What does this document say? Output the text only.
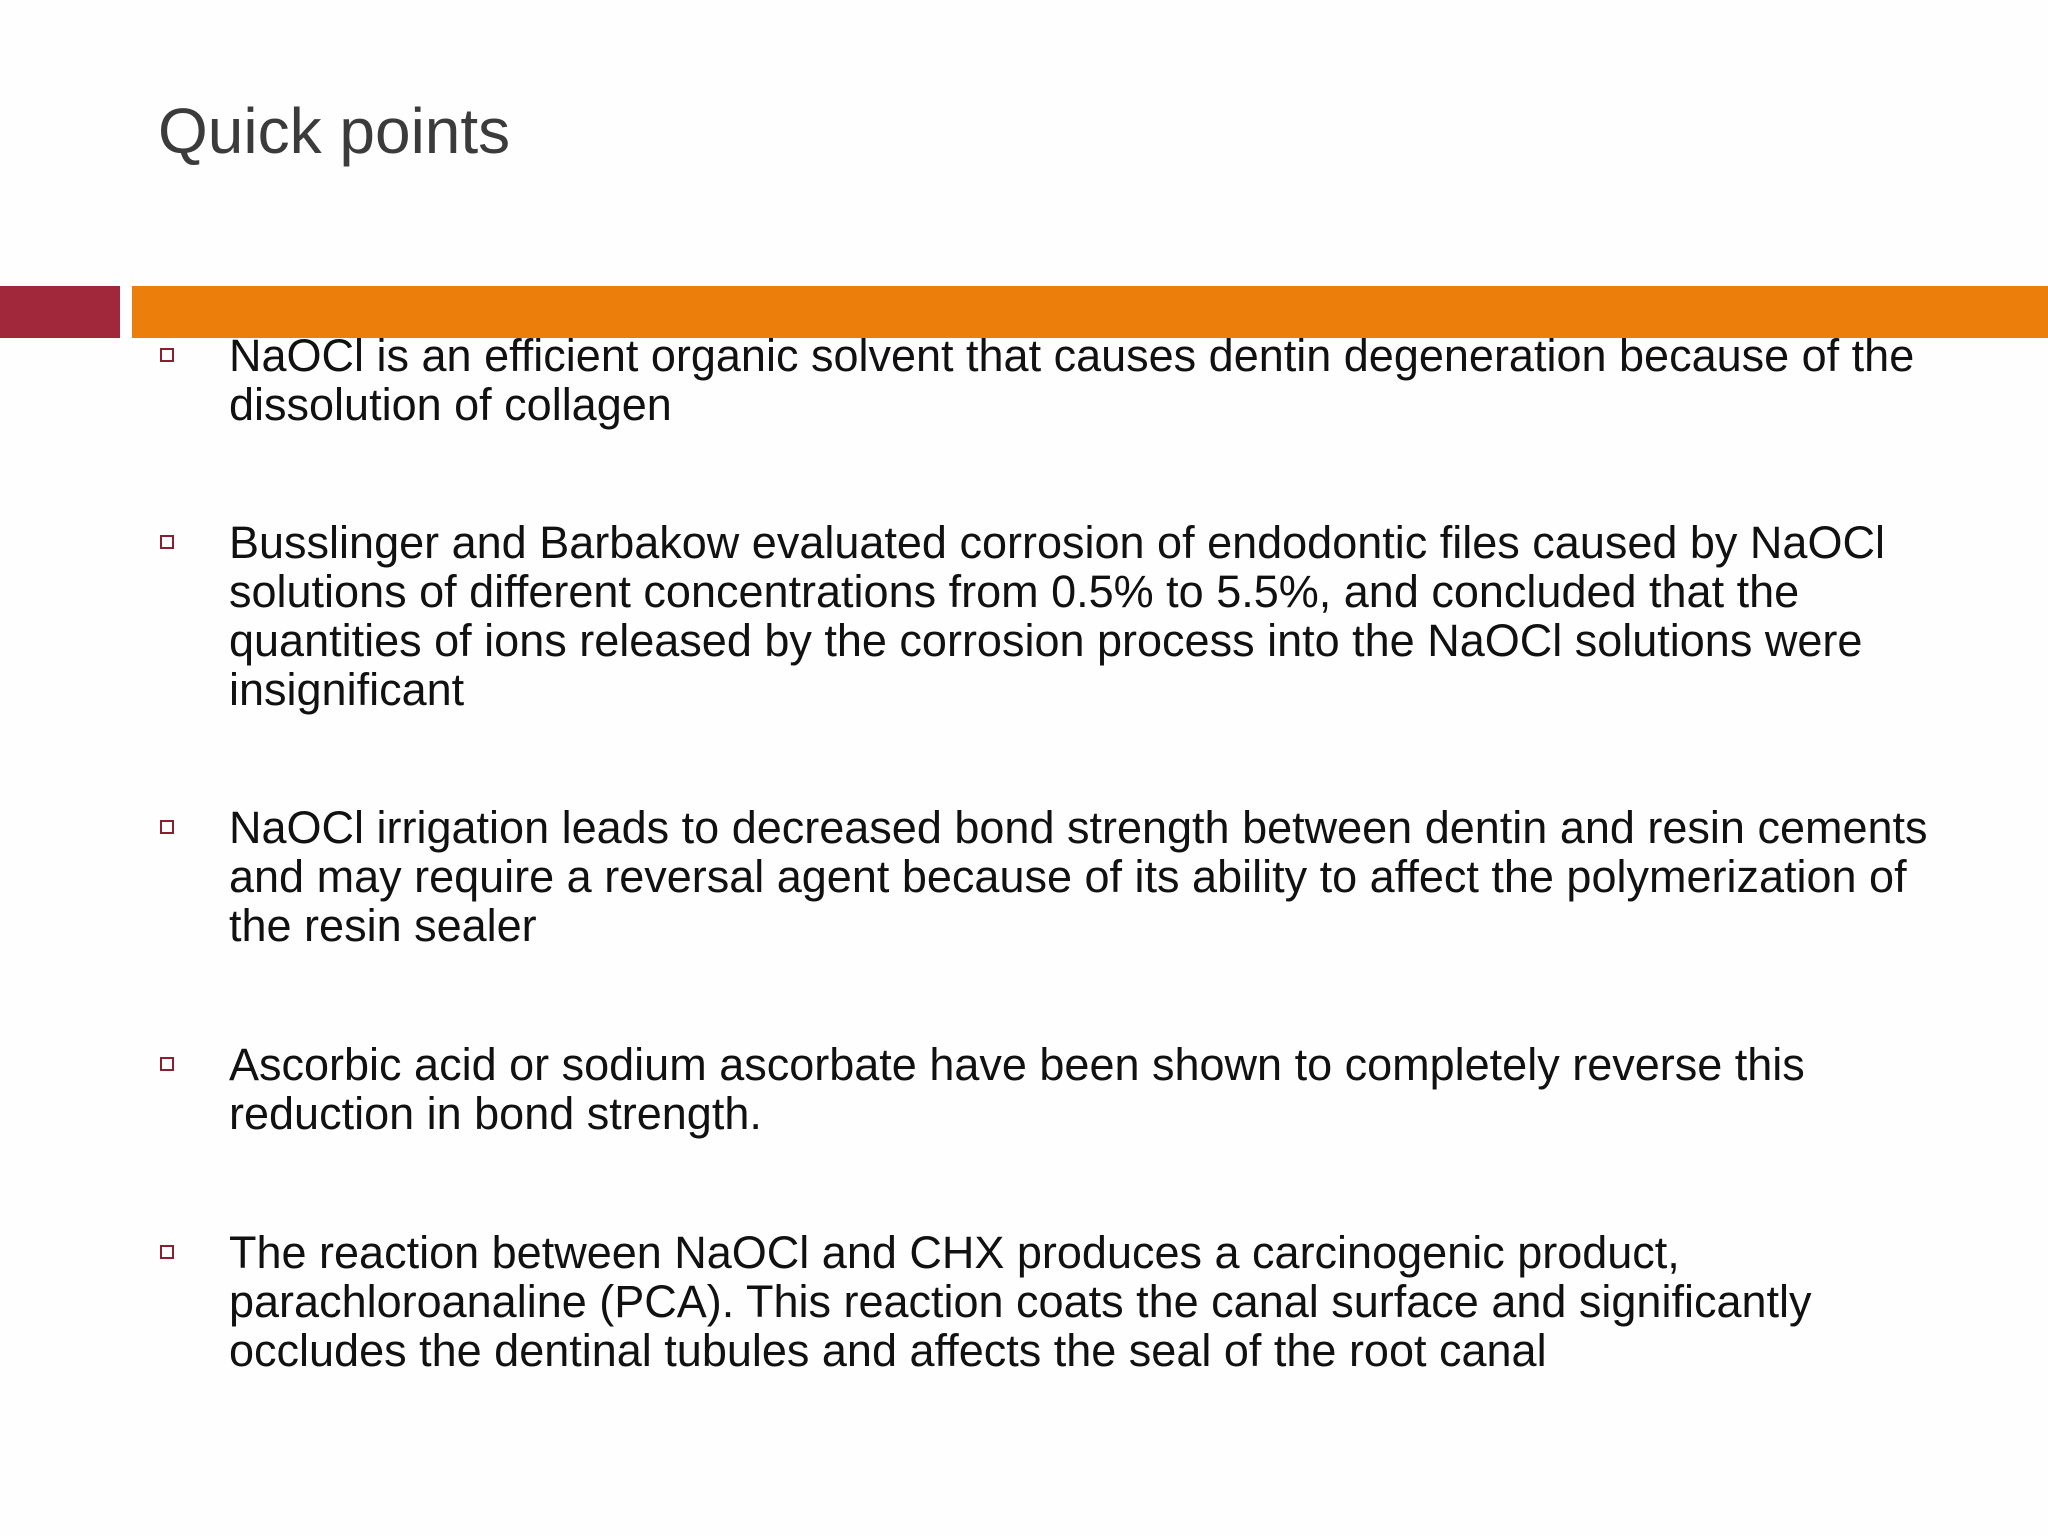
Quick points
NaOCl is an efficient organic solvent that causes dentin degeneration because of the dissolution of collagen
Busslinger and Barbakow evaluated corrosion of endodontic files caused by NaOCl solutions of different concentrations from 0.5% to 5.5%, and concluded that the quantities of ions released by the corrosion process into the NaOCl solutions were insignificant
NaOCl irrigation leads to decreased bond strength between dentin and resin cements and may require a reversal agent because of its ability to affect the polymerization of the resin sealer
Ascorbic acid or sodium ascorbate have been shown to completely reverse this reduction in bond strength.
The reaction between NaOCl and CHX produces a carcinogenic product, parachloroanaline (PCA). This reaction coats the canal surface and significantly occludes the dentinal tubules and affects the seal of the root canal
